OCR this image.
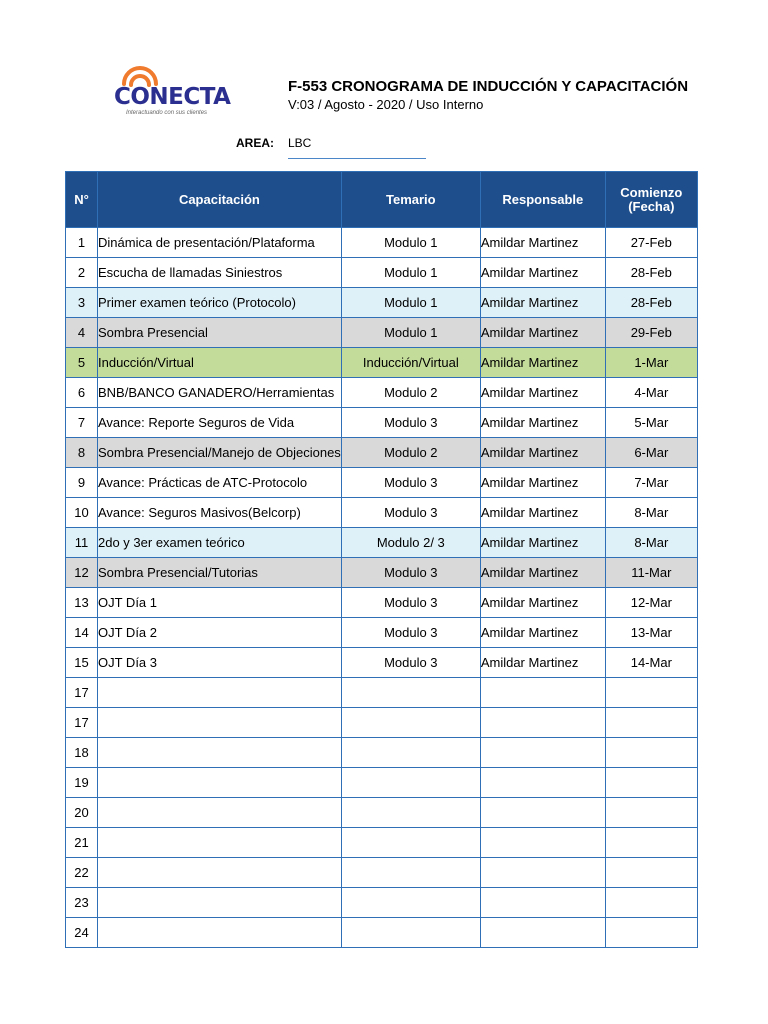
CONECTA
Interactuando con sus clientes
F-553 CRONOGRAMA DE INDUCCIÓN Y CAPACITACIÓN
V:03 / Agosto - 2020 / Uso Interno
AREA: LBC
N°	Capacitación	Temario	Responsable	Comienzo (Fecha)
1	Dinámica de presentación/Plataforma	Modulo 1	Amildar Martinez	27-Feb
2	Escucha de llamadas Siniestros	Modulo 1	Amildar Martinez	28-Feb
3	Primer examen teórico (Protocolo)	Modulo 1	Amildar Martinez	28-Feb
4	Sombra Presencial	Modulo 1	Amildar Martinez	29-Feb
5	Inducción/Virtual	Inducción/Virtual	Amildar Martinez	1-Mar
6	BNB/BANCO GANADERO/Herramientas	Modulo 2	Amildar Martinez	4-Mar
7	Avance: Reporte Seguros de Vida	Modulo 3	Amildar Martinez	5-Mar
8	Sombra Presencial/Manejo de Objeciones	Modulo 2	Amildar Martinez	6-Mar
9	Avance: Prácticas de ATC-Protocolo	Modulo 3	Amildar Martinez	7-Mar
10	Avance: Seguros Masivos(Belcorp)	Modulo 3	Amildar Martinez	8-Mar
11	2do y 3er examen teórico	Modulo 2/ 3	Amildar Martinez	8-Mar
12	Sombra Presencial/Tutorias	Modulo 3	Amildar Martinez	11-Mar
13	OJT Día 1	Modulo 3	Amildar Martinez	12-Mar
14	OJT Día 2	Modulo 3	Amildar Martinez	13-Mar
15	OJT Día 3	Modulo 3	Amildar Martinez	14-Mar
17				
17				
18				
19				
20				
21				
22				
23				
24				
